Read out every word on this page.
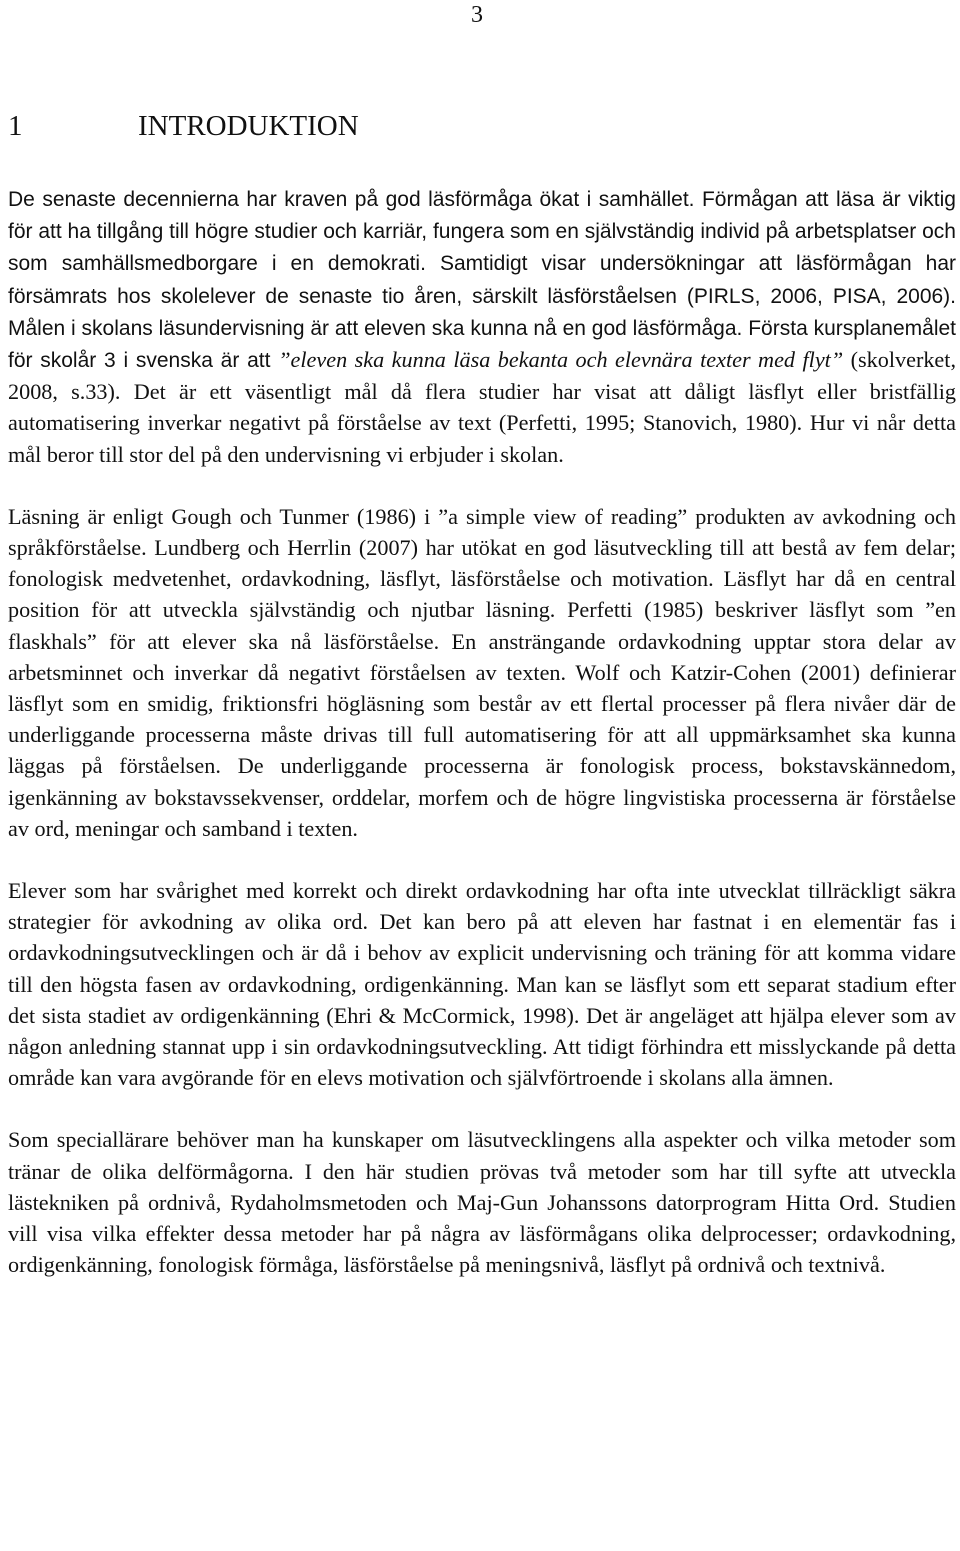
3
1	INTRODUKTION

De senaste decennierna har kraven på god läsförmåga ökat i samhället. Förmågan att läsa är viktig för att ha tillgång till högre studier och karriär, fungera som en självständig individ på arbetsplatser och som samhällsmedborgare i en demokrati. Samtidigt visar undersökningar att läsförmågan har försämrats hos skolelever de senaste tio åren, särskilt läsförståelsen (PIRLS, 2006, PISA, 2006). Målen i skolans läsundervisning är att eleven ska kunna nå en god läsförmåga. Första kursplanemålet för skolår 3 i svenska är att ”eleven ska kunna läsa bekanta och elevnära texter med flyt” (skolverket, 2008, s.33). Det är ett väsentligt mål då flera studier har visat att dåligt läsflyt eller bristfällig automatisering inverkar negativt på förståelse av text (Perfetti, 1995; Stanovich, 1980). Hur vi når detta mål beror till stor del på den undervisning vi erbjuder i skolan.

Läsning är enligt Gough och Tunmer (1986) i ”a simple view of reading” produkten av avkodning och språkförståelse. Lundberg och Herrlin (2007) har utökat en god läsutveckling till att bestå av fem delar; fonologisk medvetenhet, ordavkodning, läsflyt, läsförståelse och motivation. Läsflyt har då en central position för att utveckla självständig och njutbar läsning. Perfetti (1985) beskriver läsflyt som ”en flaskhals” för att elever ska nå läsförståelse. En ansträngande ordavkodning upptar stora delar av arbetsminnet och inverkar då negativt förståelsen av texten. Wolf och Katzir-Cohen (2001) definierar läsflyt som en smidig, friktionsfri högläsning som består av ett flertal processer på flera nivåer där de underliggande processerna måste drivas till full automatisering för att all uppmärksamhet ska kunna läggas på förståelsen. De underliggande processerna är fonologisk process, bokstavskännedom, igenkänning av bokstavssekvenser, orddelar, morfem och de högre lingvistiska processerna är förståelse av ord, meningar och samband i texten.

Elever som har svårighet med korrekt och direkt ordavkodning har ofta inte utvecklat tillräckligt säkra strategier för avkodning av olika ord. Det kan bero på att eleven har fastnat i en elementär fas i ordavkodningsutvecklingen och är då i behov av explicit undervisning och träning för att komma vidare till den högsta fasen av ordavkodning, ordigenkänning. Man kan se läsflyt som ett separat stadium efter det sista stadiet av ordigenkänning (Ehri & McCormick, 1998). Det är angeläget att hjälpa elever som av någon anledning stannat upp i sin ordavkodningsutveckling. Att tidigt förhindra ett misslyckande på detta område kan vara avgörande för en elevs motivation och självförtroende i skolans alla ämnen.

Som speciallärare behöver man ha kunskaper om läsutvecklingens alla aspekter och vilka metoder som tränar de olika delförmågorna. I den här studien prövas två metoder som har till syfte att utveckla lästekniken på ordnivå, Rydaholmsmetoden och Maj-Gun Johanssons datorprogram Hitta Ord. Studien vill visa vilka effekter dessa metoder har på några av läsförmågans olika delprocesser; ordavkodning, ordigenkänning, fonologisk förmåga, läsförståelse på meningsnivå, läsflyt på ordnivå och textnivå.
